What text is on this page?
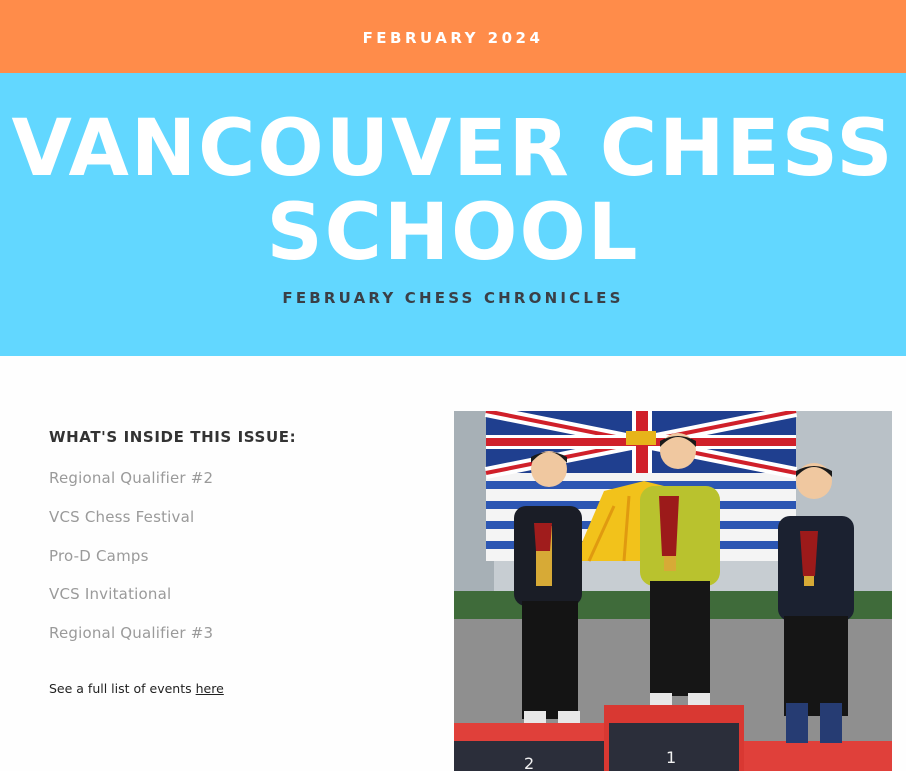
FEBRUARY 2024
VANCOUVER CHESS
SCHOOL
FEBRUARY CHESS CHRONICLES
WHAT'S INSIDE THIS ISSUE:
Regional Qualifier #2
VCS Chess Festival
Pro-D Camps
VCS Invitational
Regional Qualifier #3
See a full list of events here
2	1
